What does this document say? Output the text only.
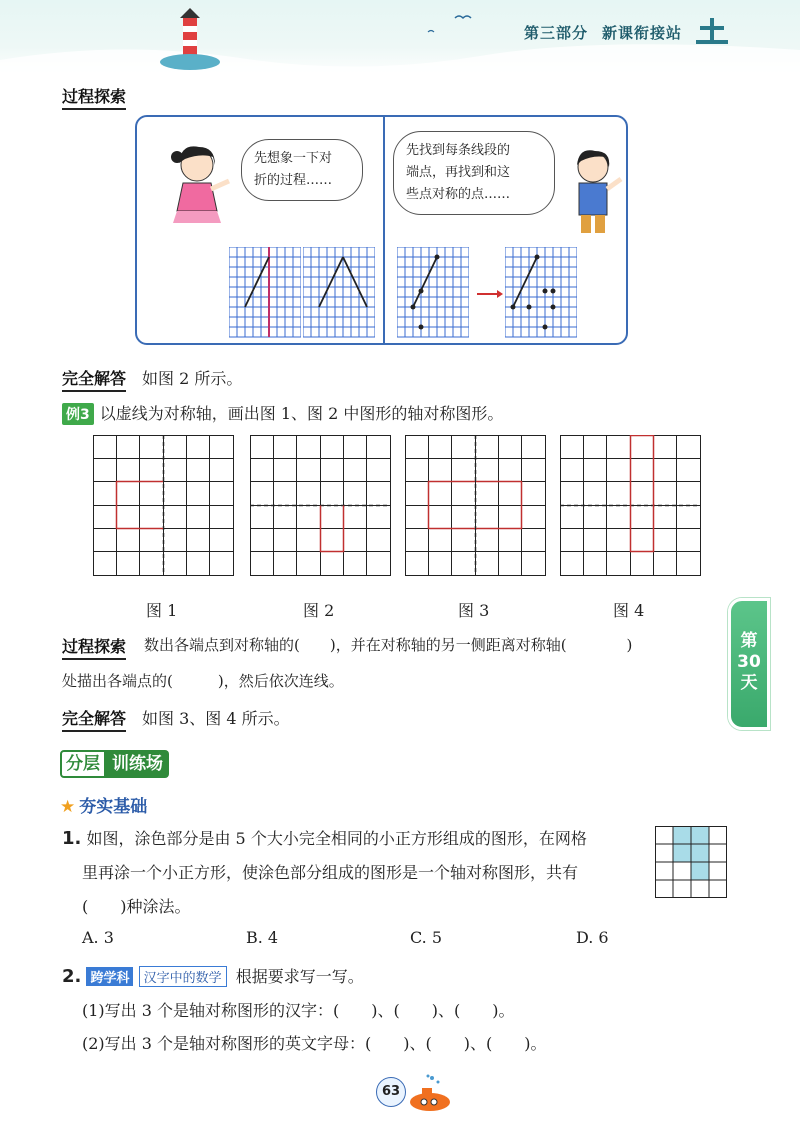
第三部分 新课衔接站
过程探索
先想象一下对
折的过程……
先找到每条线段的
端点，再找到和这
些点对称的点……
完全解答 如图 2 所示。
例3 以虚线为对称轴，画出图 1、图 2 中图形的轴对称图形。
图 1	图 2	图 3	图 4
过程探索 数出各端点到对称轴的(　　)，并在对称轴的另一侧距离对称轴(　　　　)
处描出各端点的(　　　)，然后依次连线。
完全解答 如图 3、图 4 所示。
分层 训练场
★ 夯实基础
1. 如图，涂色部分是由 5 个大小完全相同的小正方形组成的图形，在网格
里再涂一个小正方形，使涂色部分组成的图形是一个轴对称图形，共有
(　　)种涂法。
A. 3	B. 4	C. 5	D. 6
2. 跨学科 汉字中的数学 根据要求写一写。
(1)写出 3 个是轴对称图形的汉字：(　　)、(　　)、(　　)。
(2)写出 3 个是轴对称图形的英文字母：(　　)、(　　)、(　　)。
第
30
天
63
